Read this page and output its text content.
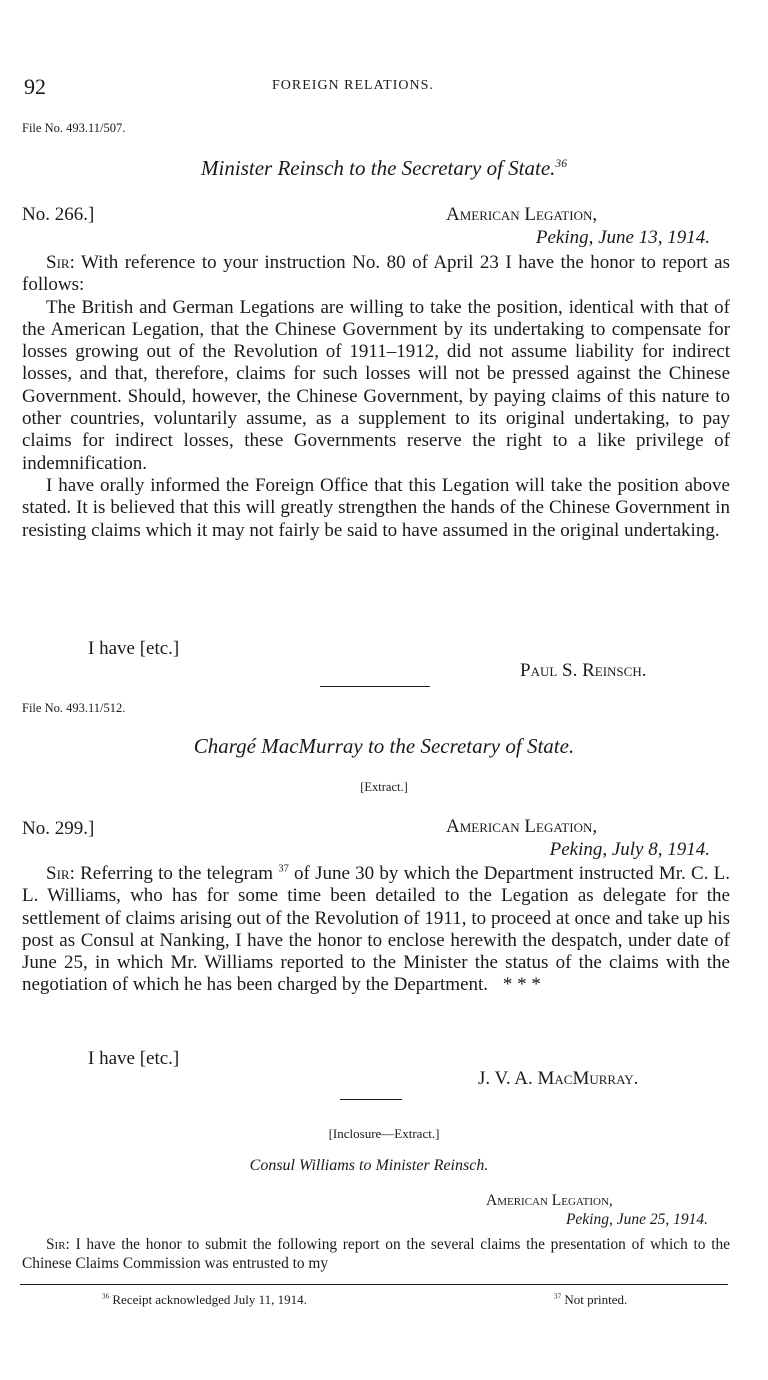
92	FOREIGN RELATIONS.
File No. 493.11/507.
Minister Reinsch to the Secretary of State.$^{36}$
No. 266.]	American Legation,
Peking, June 13, 1914.
Sir: With reference to your instruction No. 80 of April 23 I have the honor to report as follows:
The British and German Legations are willing to take the position, identical with that of the American Legation, that the Chinese Government by its undertaking to compensate for losses growing out of the Revolution of 1911–1912, did not assume liability for indirect losses, and that, therefore, claims for such losses will not be pressed against the Chinese Government. Should, however, the Chinese Government, by paying claims of this nature to other countries, voluntarily assume, as a supplement to its original undertaking, to pay claims for indirect losses, these Governments reserve the right to a like privilege of indemnification.
I have orally informed the Foreign Office that this Legation will take the position above stated. It is believed that this will greatly strengthen the hands of the Chinese Government in resisting claims which it may not fairly be said to have assumed in the original undertaking.
I have [etc.]
Paul S. Reinsch.
File No. 493.11/512.
Chargé MacMurray to the Secretary of State.
[Extract.]
No. 299.]	American Legation,
Peking, July 8, 1914.
Sir: Referring to the telegram $^{37}$ of June 30 by which the Department instructed Mr. C. L. L. Williams, who has for some time been detailed to the Legation as delegate for the settlement of claims arising out of the Revolution of 1911, to proceed at once and take up his post as Consul at Nanking, I have the honor to enclose herewith the despatch, under date of June 25, in which Mr. Williams reported to the Minister the status of the claims with the negotiation of which he has been charged by the Department. * * *
I have [etc.]
J. V. A. MacMurray.
[Inclosure—Extract.]
Consul Williams to Minister Reinsch.
American Legation,
Peking, June 25, 1914.
Sir: I have the honor to submit the following report on the several claims the presentation of which to the Chinese Claims Commission was entrusted to my
$^{36}$ Receipt acknowledged July 11, 1914.	$^{37}$ Not printed.
